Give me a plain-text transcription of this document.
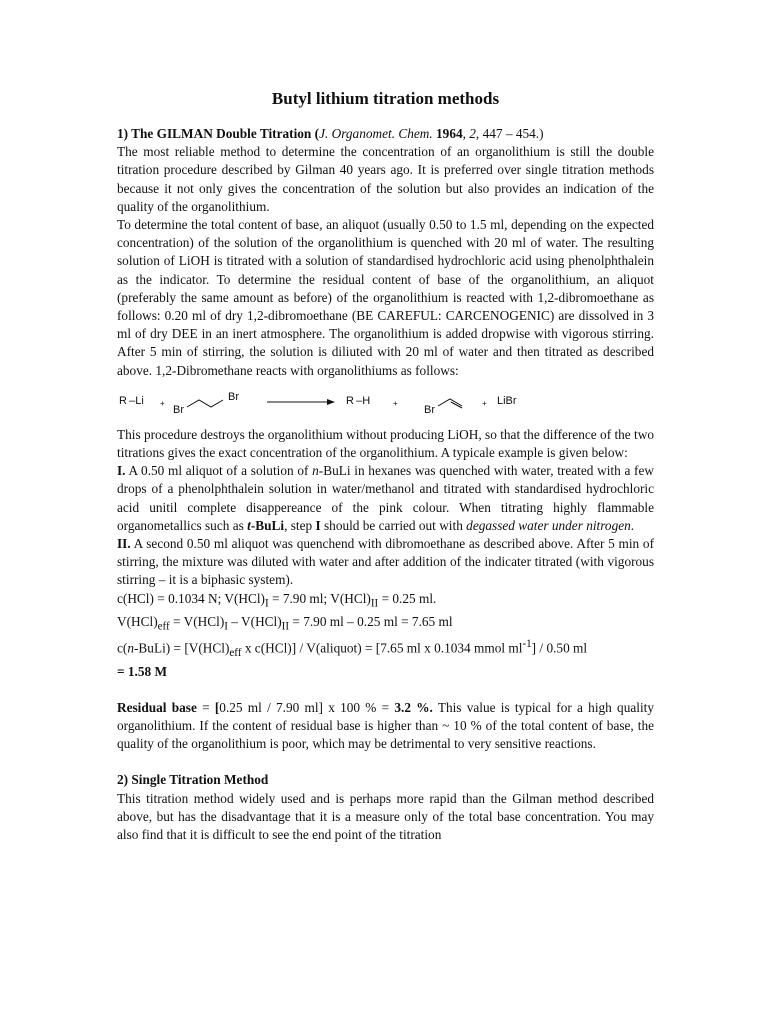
Butyl lithium titration methods
1) The GILMAN Double Titration (J. Organomet. Chem. 1964, 2, 447 – 454.)

The most reliable method to determine the concentration of an organolithium is still the double titration procedure described by Gilman 40 years ago. It is preferred over single titration methods because it not only gives the concentration of the solution but also provides an indication of the quality of the organolithium.

To determine the total content of base, an aliquot (usually 0.50 to 1.5 ml, depending on the expected concentration) of the solution of the organolithium is quenched with 20 ml of water. The resulting solution of LiOH is titrated with a solution of standardised hydrochloric acid using phenolphthalein as the indicator. To determine the residual content of base of the organolithium, an aliquot (preferably the same amount as before) of the organolithium is reacted with 1,2-dibromoethane as follows: 0.20 ml of dry 1,2-dibromoethane (BE CAREFUL: CARCENOGENIC) are dissolved in 3 ml of dry DEE in an inert atmosphere. The organolithium is added dropwise with vigorous stirring. After 5 min of stirring, the solution is diliuted with 20 ml of water and then titrated as described above. 1,2-Dibromethane reacts with organolithiums as follows:

R –Li +
Br
Br	R –H	+
Br
+ LiBr

This procedure destroys the organolithium without producing LiOH, so that the difference of the two titrations gives the exact concentration of the organolithium. A typicale example is given below:

I. A 0.50 ml aliquot of a solution of n-BuLi in hexanes was quenched with water, treated with a few drops of a phenolphthalein solution in water/methanol and titrated with standardised hydrochloric acid unitil complete disappereance of the pink colour. When titrating highly flammable organometallics such as t-BuLi, step I should be carried out with degassed water under nitrogen.

II. A second 0.50 ml aliquot was quenchend with dibromoethane as described above. After 5 min of stirring, the mixture was diluted with water and after addition of the indicater titrated (with vigorous stirring – it is a biphasic system).

c(HCl) = 0.1034 N; $V(HCl)_I = 7.90$ ml; $V(HCl)_{II} = 0.25$ ml.

$V(HCl)_{eff} = V(HCl)_I - V(HCl)_{II} = 7.90$ ml – 0.25 ml = 7.65 ml

c(n-BuLi) = [$V(HCl)_{eff}$ x c(HCl)] / V(aliquot) = [7.65 ml x 0.1034 mmol $ml^{-1}] / 0.50$ ml
= 1.58 M

Residual base = [0.25 ml / 7.90 ml] x 100 % = 3.2 %. This value is typical for a high quality organolithium. If the content of residual base is higher than ~ 10 % of the total content of base, the quality of the organolithium is poor, which may be detrimental to very sensitive reactions.

2) Single Titration Method

This titration method widely used and is perhaps more rapid than the Gilman method described above, but has the disadvantage that it is a measure only of the total base concentration. You may also find that it is difficult to see the end point of the titration
